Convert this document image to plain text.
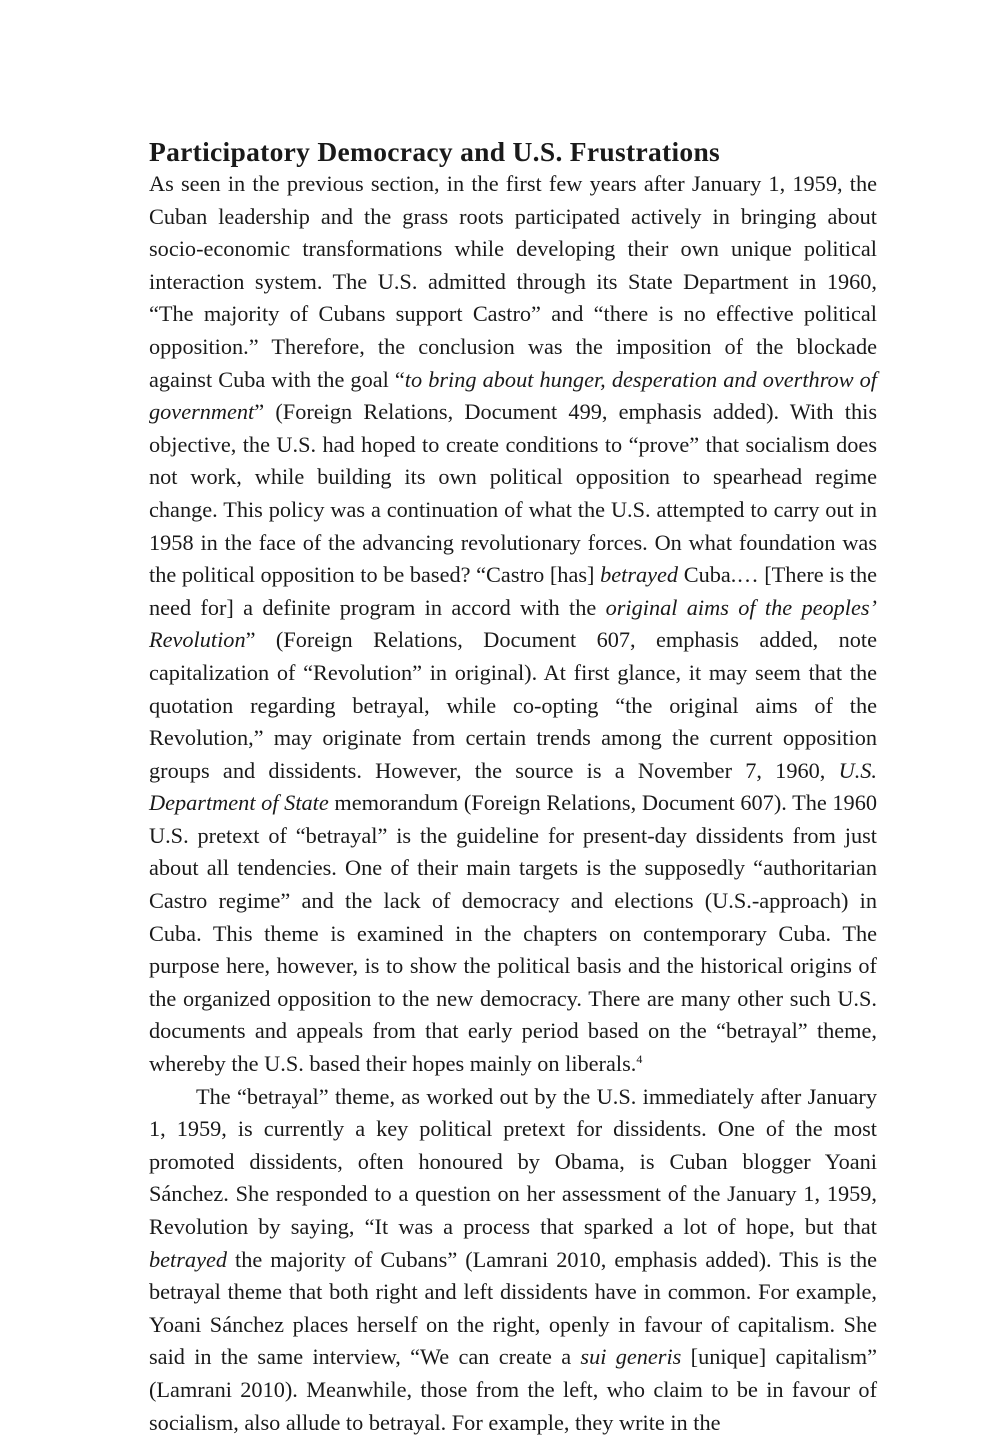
Participatory Democracy and U.S. Frustrations

As seen in the previous section, in the first few years after January 1, 1959, the Cuban leadership and the grass roots participated actively in bringing about socio-economic transformations while developing their own unique political interaction system. The U.S. admitted through its State Department in 1960, “The majority of Cubans support Castro” and “there is no effective political opposition.” Therefore, the conclusion was the imposition of the blockade against Cuba with the goal “to bring about hunger, desperation and overthrow of government” (Foreign Relations, Document 499, emphasis added). With this objective, the U.S. had hoped to create conditions to “prove” that socialism does not work, while building its own political opposition to spearhead regime change. This policy was a continuation of what the U.S. attempted to carry out in 1958 in the face of the advancing revolutionary forces. On what foundation was the political opposition to be based? “Castro [has] betrayed Cuba.… [There is the need for] a definite program in accord with the original aims of the peoples’ Revolution” (Foreign Relations, Document 607, emphasis added, note capitalization of “Revolution” in original). At first glance, it may seem that the quotation regarding betrayal, while co-opting “the original aims of the Revolution,” may originate from certain trends among the current opposition groups and dissidents. However, the source is a November 7, 1960, U.S. Department of State memorandum (Foreign Relations, Document 607). The 1960 U.S. pretext of “betrayal” is the guideline for present-day dissidents from just about all tendencies. One of their main targets is the supposedly “authoritarian Castro regime” and the lack of democracy and elections (U.S.-approach) in Cuba. This theme is examined in the chapters on contemporary Cuba. The purpose here, however, is to show the political basis and the historical origins of the organized opposition to the new democracy. There are many other such U.S. documents and appeals from that early period based on the “betrayal” theme, whereby the U.S. based their hopes mainly on liberals.$^4$

The “betrayal” theme, as worked out by the U.S. immediately after January 1, 1959, is currently a key political pretext for dissidents. One of the most promoted dissidents, often honoured by Obama, is Cuban blogger Yoani Sánchez. She responded to a question on her assessment of the January 1, 1959, Revolution by saying, “It was a process that sparked a lot of hope, but that betrayed the majority of Cubans” (Lamrani 2010, emphasis added). This is the betrayal theme that both right and left dissidents have in common. For example, Yoani Sánchez places herself on the right, openly in favour of capitalism. She said in the same interview, “We can create a sui generis [unique] capitalism” (Lamrani 2010). Meanwhile, those from the left, who claim to be in favour of socialism, also allude to betrayal. For example, they write in the
